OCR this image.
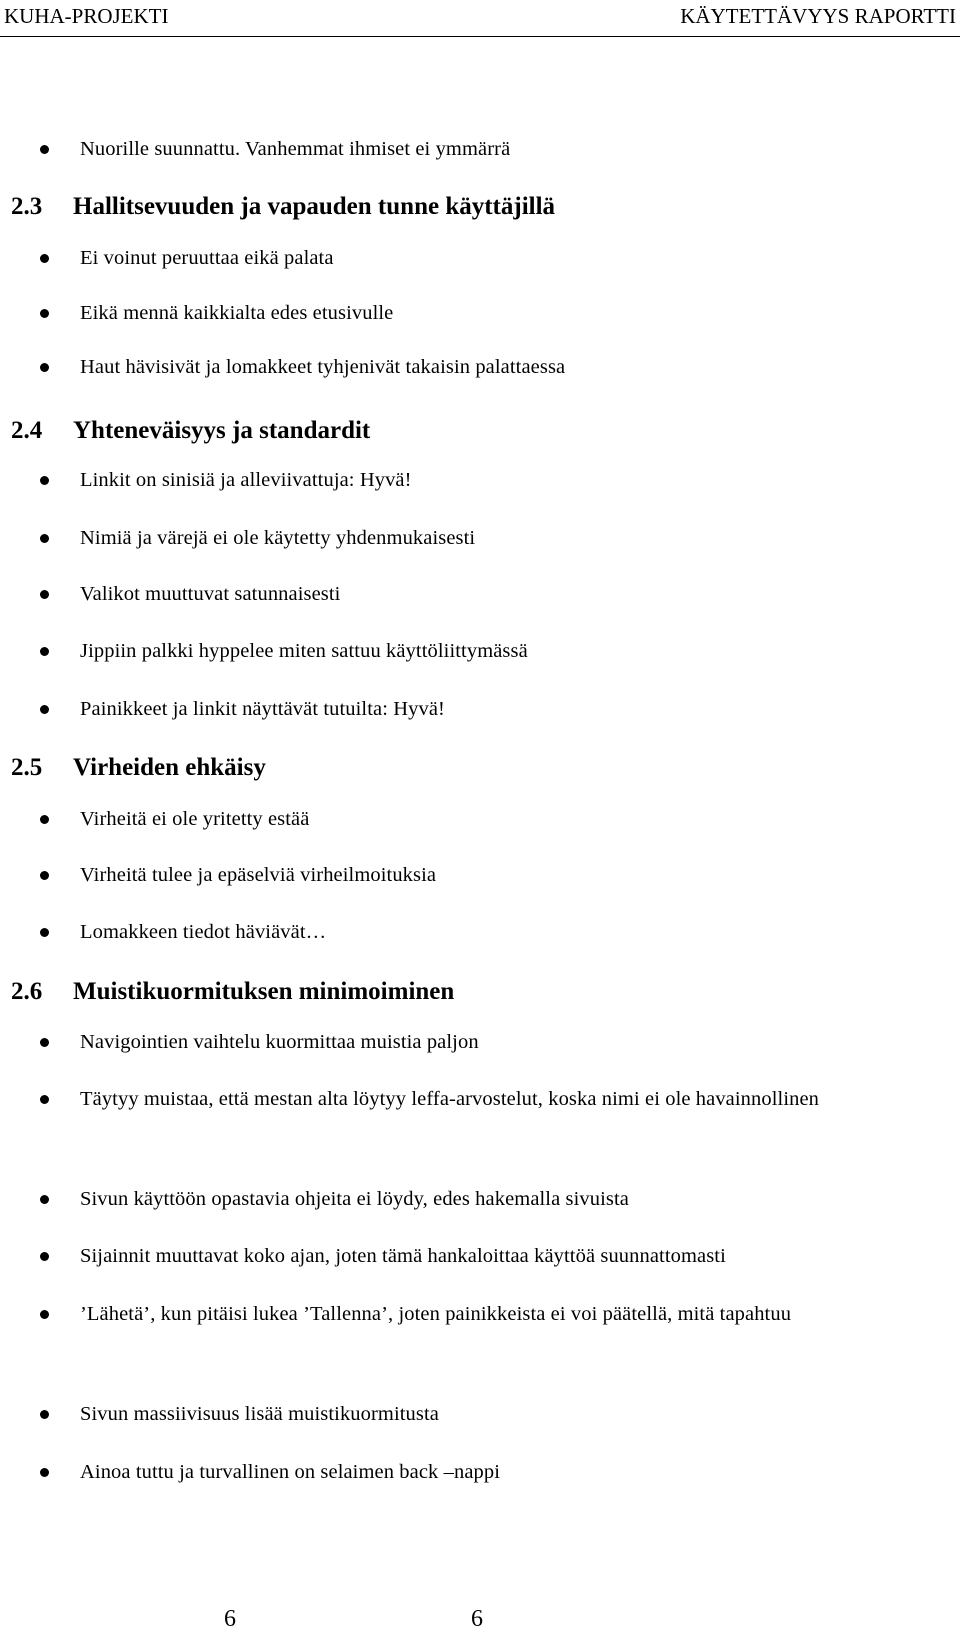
KUHA-PROJEKTI	KÄYTETTÄVYYS RAPORTTI
Nuorille suunnattu. Vanhemmat ihmiset ei ymmärrä
2.3 Hallitsevuuden ja vapauden tunne käyttäjillä
Ei voinut peruuttaa eikä palata
Eikä mennä kaikkialta edes etusivulle
Haut hävisivät ja lomakkeet tyhjenivät takaisin palattaessa
2.4 Yhteneväisyys ja standardit
Linkit on sinisiä ja alleviivattuja: Hyvä!
Nimiä ja värejä ei ole käytetty yhdenmukaisesti
Valikot muuttuvat satunnaisesti
Jippiin palkki hyppelee miten sattuu käyttöliittymässä
Painikkeet ja linkit näyttävät tutuilta: Hyvä!
2.5 Virheiden ehkäisy
Virheitä ei ole yritetty estää
Virheitä tulee ja epäselviä virheilmoituksia
Lomakkeen tiedot häviävät…
2.6 Muistikuormituksen minimoiminen
Navigointien vaihtelu kuormittaa muistia paljon
Täytyy muistaa, että mestan alta löytyy leffa-arvostelut, koska nimi ei ole havainnollinen
Sivun käyttöön opastavia ohjeita ei löydy, edes hakemalla sivuista
Sijainnit muuttavat koko ajan, joten tämä hankaloittaa käyttöä suunnattomasti
’Lähetä’, kun pitäisi lukea ’Tallenna’, joten painikkeista ei voi päätellä, mitä tapahtuu
Sivun massiivisuus lisää muistikuormitusta
Ainoa tuttu ja turvallinen on selaimen back –nappi
6	6
